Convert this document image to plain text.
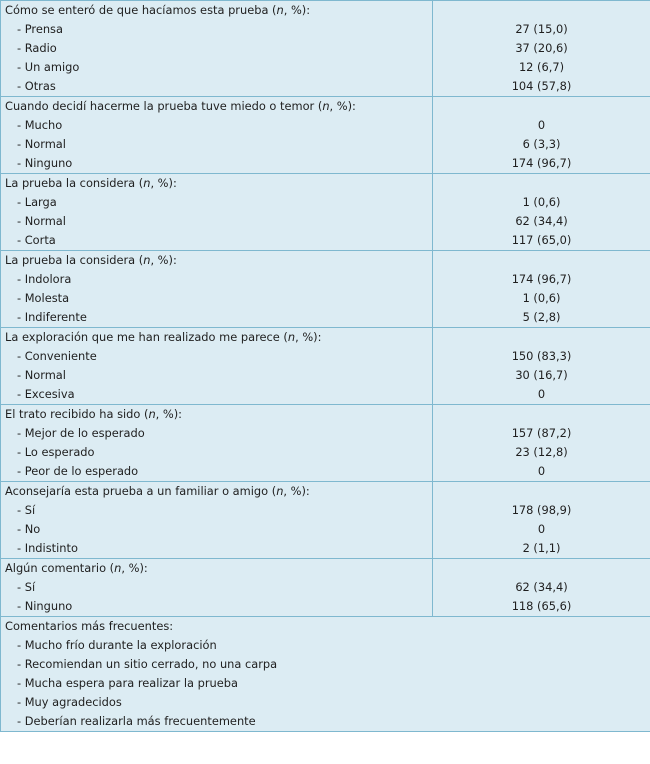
Cómo se enteró de que hacíamos esta prueba (n, %):	
- Prensa	27 (15,0)
- Radio	37 (20,6)
- Un amigo	12 (6,7)
- Otras	104 (57,8)
Cuando decidí hacerme la prueba tuve miedo o temor (n, %):	
- Mucho	0
- Normal	6 (3,3)
- Ninguno	174 (96,7)
La prueba la considera (n, %):	
- Larga	1 (0,6)
- Normal	62 (34,4)
- Corta	117 (65,0)
La prueba la considera (n, %):	
- Indolora	174 (96,7)
- Molesta	1 (0,6)
- Indiferente	5 (2,8)
La exploración que me han realizado me parece (n, %):	
- Conveniente	150 (83,3)
- Normal	30 (16,7)
- Excesiva	0
El trato recibido ha sido (n, %):	
- Mejor de lo esperado	157 (87,2)
- Lo esperado	23 (12,8)
- Peor de lo esperado	0
Aconsejaría esta prueba a un familiar o amigo (n, %):	
- Sí	178 (98,9)
- No	0
- Indistinto	2 (1,1)
Algún comentario (n, %):	
- Sí	62 (34,4)
- Ninguno	118 (65,6)
Comentarios más frecuentes:	
- Mucho frío durante la exploración	
- Recomiendan un sitio cerrado, no una carpa	
- Mucha espera para realizar la prueba	
- Muy agradecidos	
- Deberían realizarla más frecuentemente	
